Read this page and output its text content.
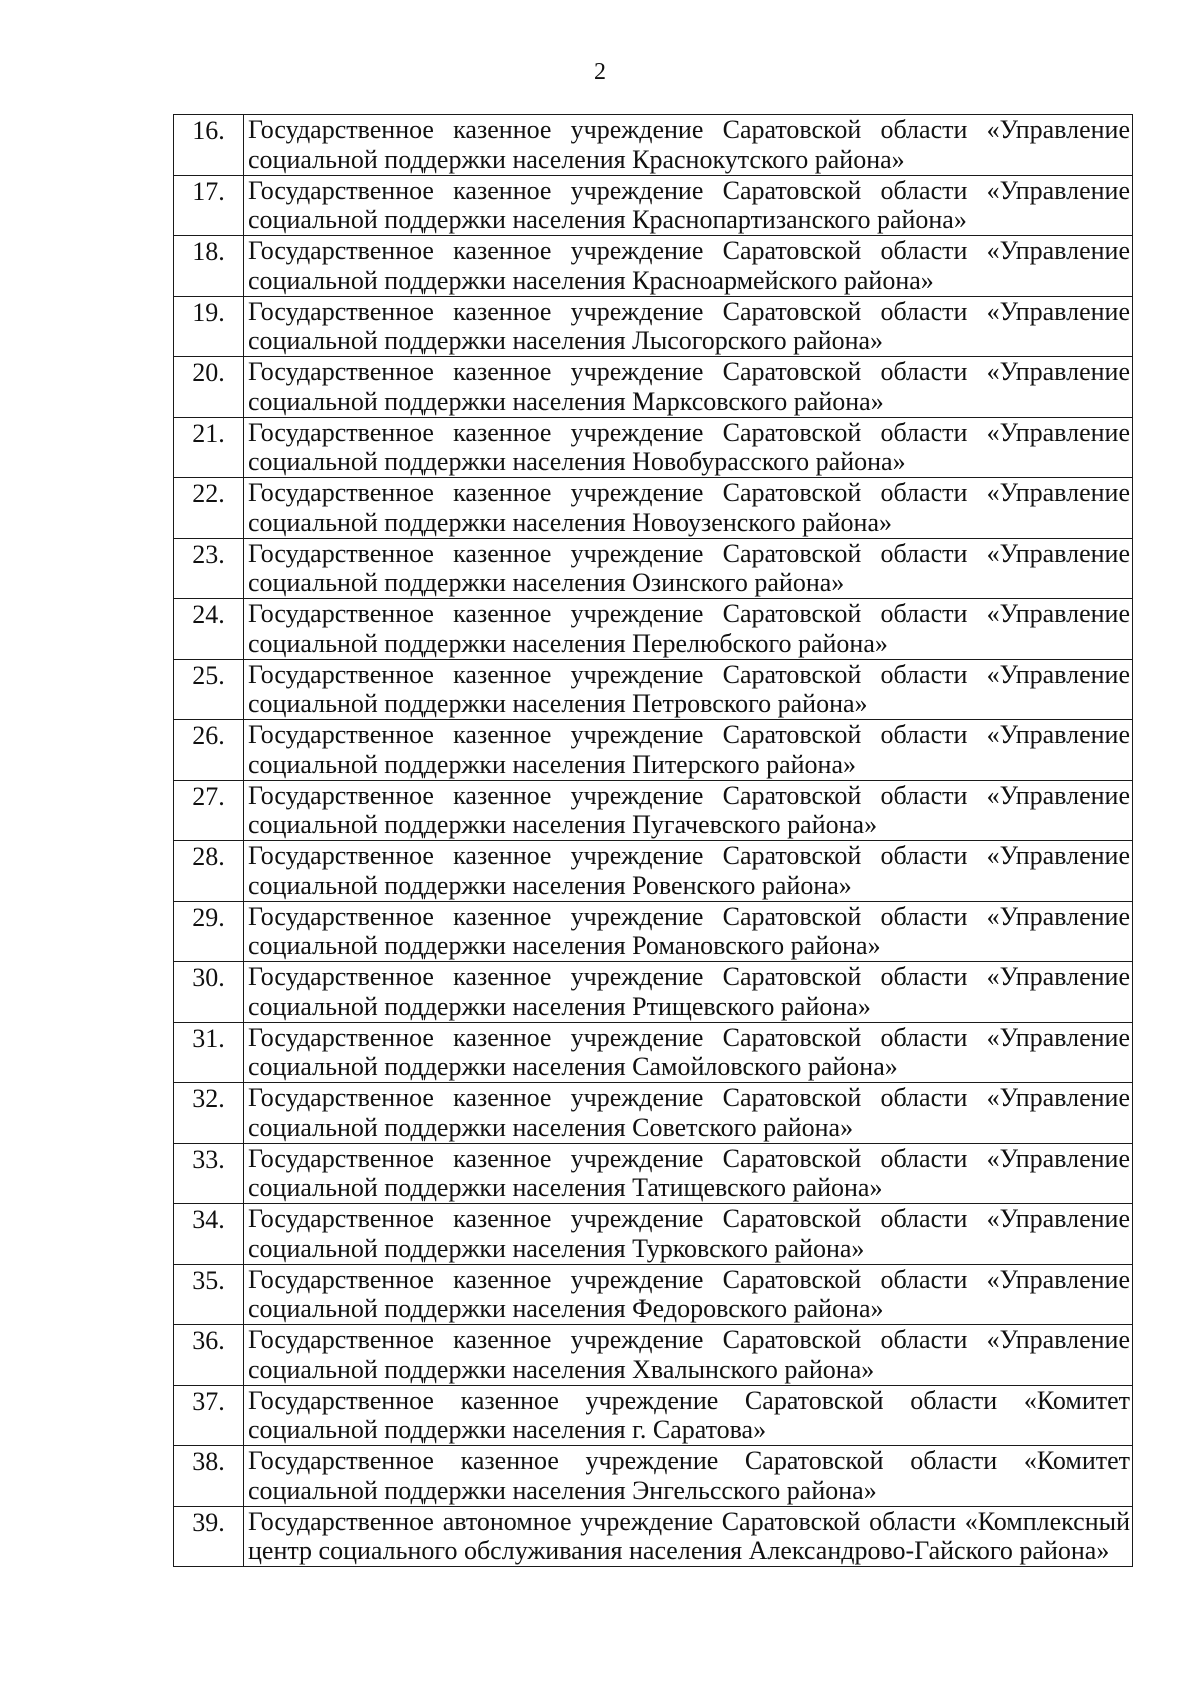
2
16.	Государственное казенное учреждение Саратовской области «Управление
социальной поддержки населения Краснокутского района»

17.	Государственное казенное учреждение Саратовской области «Управление
социальной поддержки населения Краснопартизанского района»

18.	Государственное казенное учреждение Саратовской области «Управление
социальной поддержки населения Красноармейского района»

19.	Государственное казенное учреждение Саратовской области «Управление
социальной поддержки населения Лысогорского района»

20.	Государственное казенное учреждение Саратовской области «Управление
социальной поддержки населения Марксовского района»

21.	Государственное казенное учреждение Саратовской области «Управление
социальной поддержки населения Новобурасского района»

22.	Государственное казенное учреждение Саратовской области «Управление
социальной поддержки населения Новоузенского района»

23.	Государственное казенное учреждение Саратовской области «Управление
социальной поддержки населения Озинского района»

24.	Государственное казенное учреждение Саратовской области «Управление
социальной поддержки населения Перелюбского района»

25.	Государственное казенное учреждение Саратовской области «Управление
социальной поддержки населения Петровского района»

26.	Государственное казенное учреждение Саратовской области «Управление
социальной поддержки населения Питерского района»

27.	Государственное казенное учреждение Саратовской области «Управление
социальной поддержки населения Пугачевского района»

28.	Государственное казенное учреждение Саратовской области «Управление
социальной поддержки населения Ровенского района»

29.	Государственное казенное учреждение Саратовской области «Управление
социальной поддержки населения Романовского района»

30.	Государственное казенное учреждение Саратовской области «Управление
социальной поддержки населения Ртищевского района»

31.	Государственное казенное учреждение Саратовской области «Управление
социальной поддержки населения Самойловского района»

32.	Государственное казенное учреждение Саратовской области «Управление
социальной поддержки населения Советского района»

33.	Государственное казенное учреждение Саратовской области «Управление
социальной поддержки населения Татищевского района»

34.	Государственное казенное учреждение Саратовской области «Управление
социальной поддержки населения Турковского района»

35.	Государственное казенное учреждение Саратовской области «Управление
социальной поддержки населения Федоровского района»

36.	Государственное казенное учреждение Саратовской области «Управление
социальной поддержки населения Хвалынского района»

37.	Государственное казенное учреждение Саратовской области «Комитет
социальной поддержки населения г. Саратова»

38.	Государственное казенное учреждение Саратовской области «Комитет
социальной поддержки населения Энгельсского района»

39.	Государственное автономное учреждение Саратовской области «Комплексный
центр социального обслуживания населения Александрово-Гайского района»
